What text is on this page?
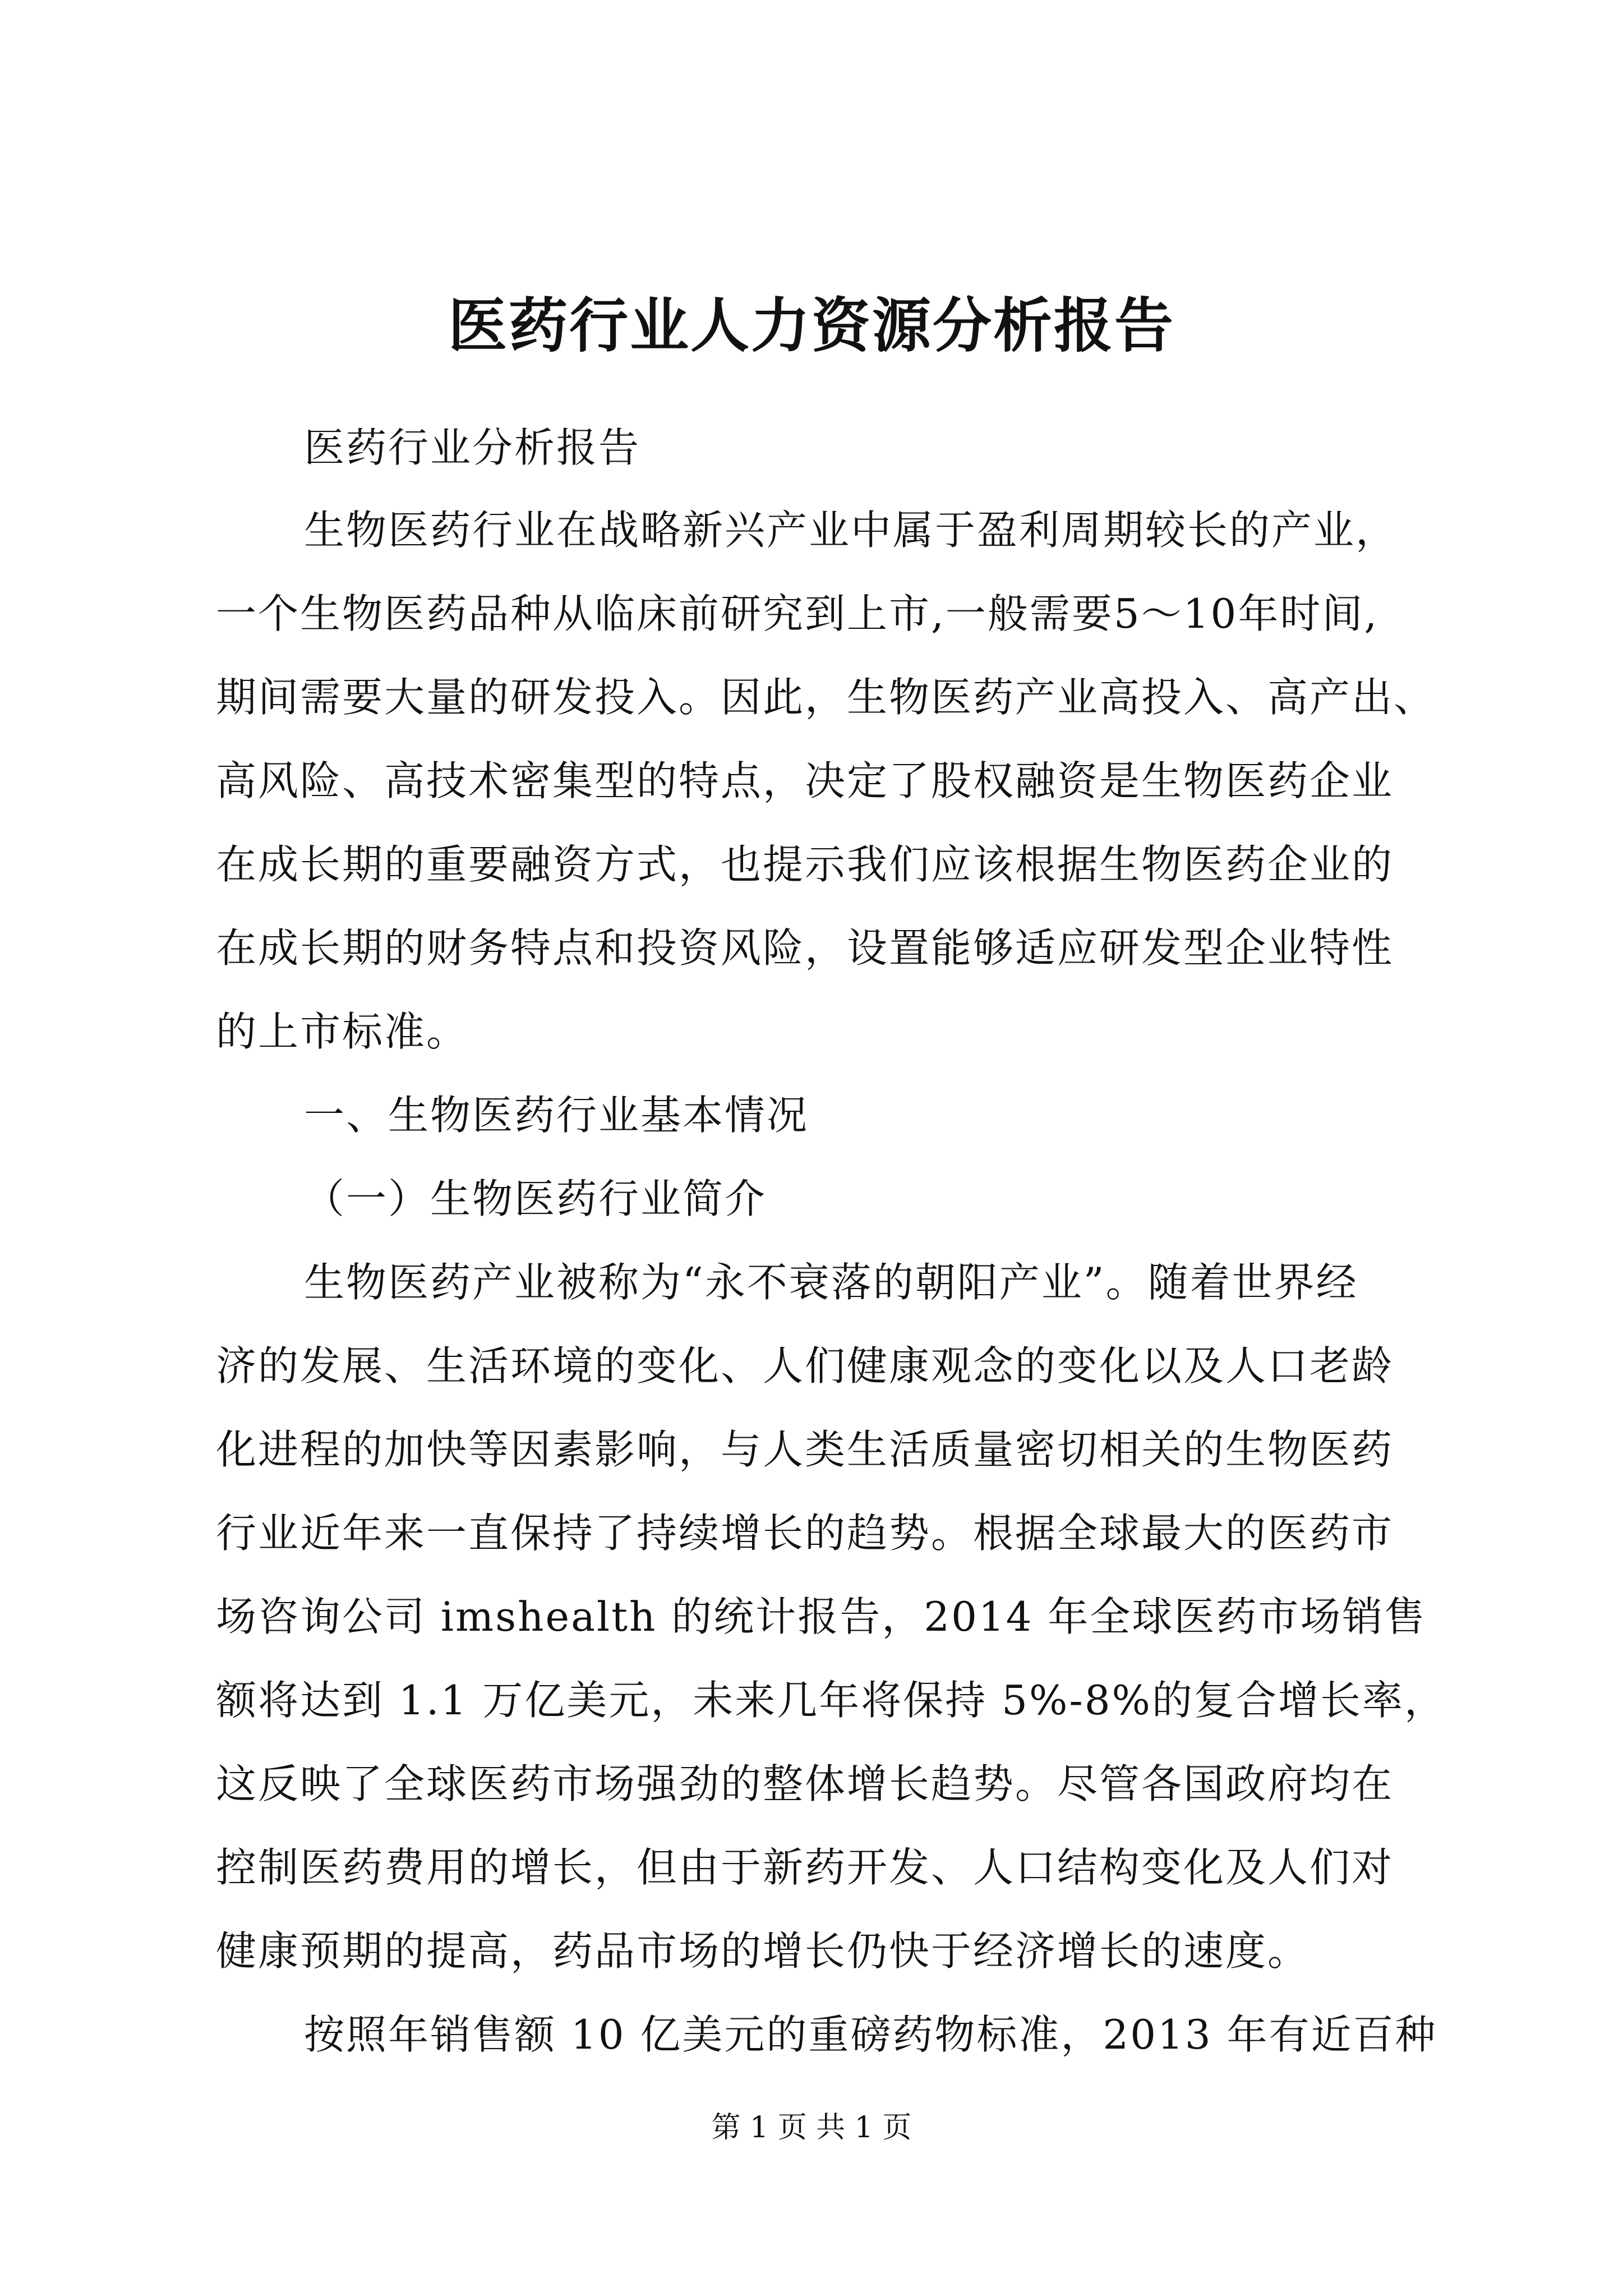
医药行业人力资源分析报告
医药行业分析报告
生物医药行业在战略新兴产业中属于盈利周期较长的产业，
一个生物医药品种从临床前研究到上市,一般需要5～10年时间,
期间需要大量的研发投入。因此，生物医药产业高投入、高产出、
高风险、高技术密集型的特点，决定了股权融资是生物医药企业
在成长期的重要融资方式，也提示我们应该根据生物医药企业的
在成长期的财务特点和投资风险，设置能够适应研发型企业特性
的上市标准。
一、生物医药行业基本情况
（一）生物医药行业简介
生物医药产业被称为“永不衰落的朝阳产业”。随着世界经
济的发展、生活环境的变化、人们健康观念的变化以及人口老龄
化进程的加快等因素影响，与人类生活质量密切相关的生物医药
行业近年来一直保持了持续增长的趋势。根据全球最大的医药市
场咨询公司 imshealth 的统计报告，2014 年全球医药市场销售
额将达到 1.1 万亿美元，未来几年将保持 5%-8%的复合增长率，
这反映了全球医药市场强劲的整体增长趋势。尽管各国政府均在
控制医药费用的增长，但由于新药开发、人口结构变化及人们对
健康预期的提高，药品市场的增长仍快于经济增长的速度。
按照年销售额 10 亿美元的重磅药物标准，2013 年有近百种
第 1 页 共 1 页
